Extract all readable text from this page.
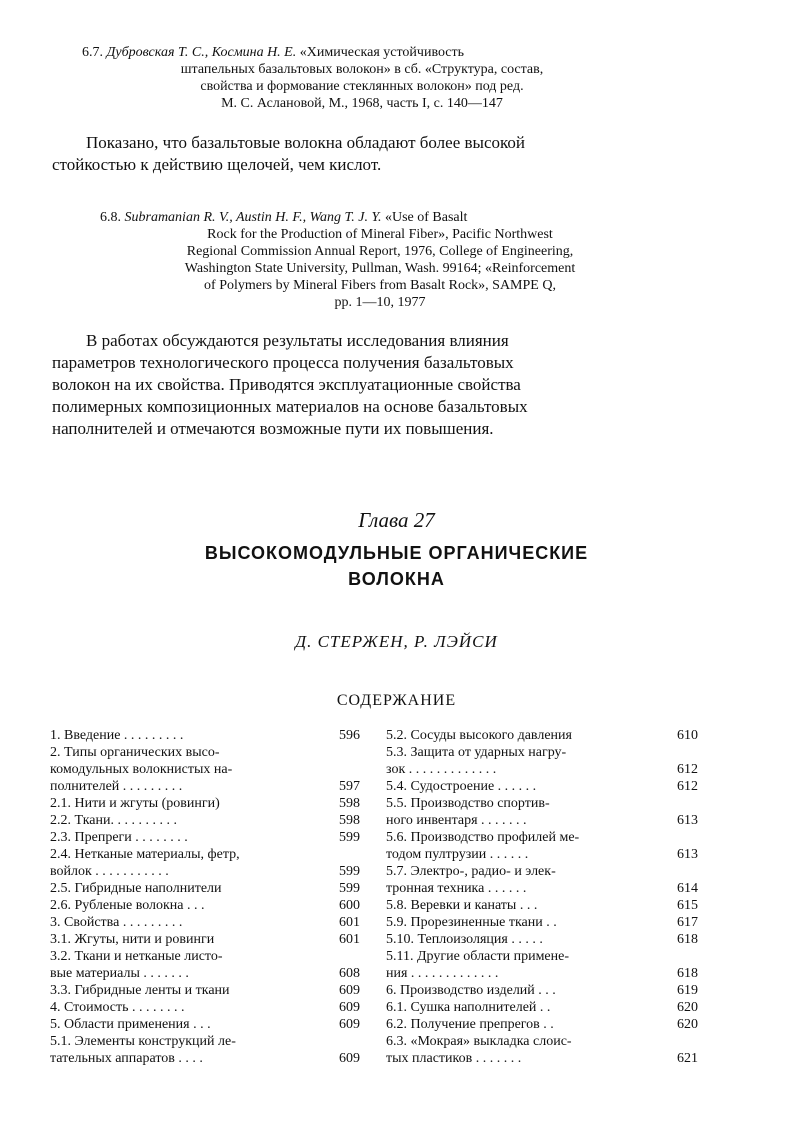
6.7. Дубровская Т. С., Космина Н. Е. «Химическая устойчивость
штапельных базальтовых волокон» в сб. «Структура, состав,
свойства и формование стеклянных волокон» под ред.
М. С. Аслановой, М., 1968, часть I, с. 140—147
Показано, что базальтовые волокна обладают более высокой
стойкостью к действию щелочей, чем кислот.
6.8. Subramanian R. V., Austin H. F., Wang T. J. Y. «Use of Basalt
Rock for the Production of Mineral Fiber», Pacific Northwest
Regional Commission Annual Report, 1976, College of Engineering,
Washington State University, Pullman, Wash. 99164; «Reinforcement
of Polymers by Mineral Fibers from Basalt Rock», SAMPE Q,
pp. 1—10, 1977
В работах обсуждаются результаты исследования влияния
параметров технологического процесса получения базальтовых
волокон на их свойства. Приводятся эксплуатационные свойства
полимерных композиционных материалов на основе базальтовых
наполнителей и отмечаются возможные пути их повышения.
Глава 27
ВЫСОКОМОДУЛЬНЫЕ ОРГАНИЧЕСКИЕ
ВОЛОКНА
Д. СТЕРЖЕН, Р. ЛЭЙСИ
СОДЕРЖАНИЕ
1. Введение . . . . . . . . .	596
2. Типы органических высо-
комодульных волокнистых на-
полнителей . . . . . . . . .	597
2.1. Нити и жгуты (ровинги)	598
2.2. Ткани. . . . . . . . . .	598
2.3. Препреги . . . . . . . .	599
2.4. Нетканые материалы, фетр,
войлок . . . . . . . . . . .	599
2.5. Гибридные наполнители	599
2.6. Рубленые волокна . . .	600
3. Свойства . . . . . . . . .	601
3.1. Жгуты, нити и ровинги	601
3.2. Ткани и нетканые листо-
вые материалы . . . . . . .	608
3.3. Гибридные ленты и ткани	609
4. Стоимость . . . . . . . .	609
5. Области применения . . .	609
5.1. Элементы конструкций ле-
тательных аппаратов . . . .	609
5.2. Сосуды высокого давления	610
5.3. Защита от ударных нагру-
зок . . . . . . . . . . . . .	612
5.4. Судостроение . . . . . .	612
5.5. Производство спортив-
ного инвентаря . . . . . . .	613
5.6. Производство профилей ме-
тодом пултрузии . . . . . .	613
5.7. Электро-, радио- и элек-
тронная техника . . . . . .	614
5.8. Веревки и канаты . . .	615
5.9. Прорезиненные ткани . .	617
5.10. Теплоизоляция . . . . .	618
5.11. Другие области примене-
ния . . . . . . . . . . . . .	618
6. Производство изделий . . .	619
6.1. Сушка наполнителей . .	620
6.2. Получение препрегов . .	620
6.3. «Мокрая» выкладка слоис-
тых пластиков . . . . . . .	621
